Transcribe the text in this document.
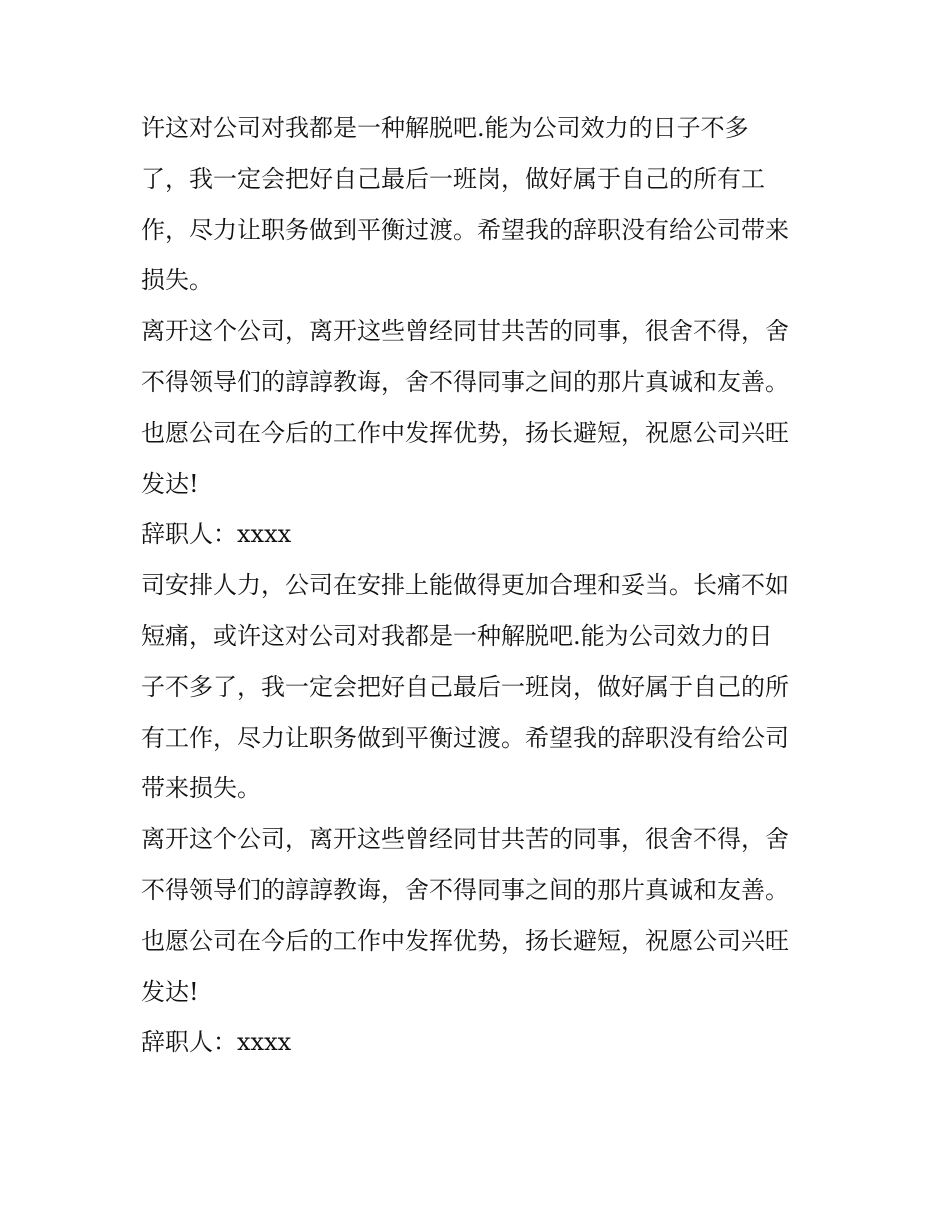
许这对公司对我都是一种解脱吧.能为公司效力的日子不多

了，我一定会把好自己最后一班岗，做好属于自己的所有工

作，尽力让职务做到平衡过渡。希望我的辞职没有给公司带来

损失。

离开这个公司，离开这些曾经同甘共苦的同事，很舍不得，舍

不得领导们的諄諄教诲，舍不得同事之间的那片真诚和友善。

也愿公司在今后的工作中发挥优势，扬长避短，祝愿公司兴旺

发达!

辞职人：xxxx

司安排人力，公司在安排上能做得更加合理和妥当。长痛不如

短痛，或许这对公司对我都是一种解脱吧.能为公司效力的日

子不多了，我一定会把好自己最后一班岗，做好属于自己的所

有工作，尽力让职务做到平衡过渡。希望我的辞职没有给公司

带来损失。

离开这个公司，离开这些曾经同甘共苦的同事，很舍不得，舍

不得领导们的諄諄教诲，舍不得同事之间的那片真诚和友善。

也愿公司在今后的工作中发挥优势，扬长避短，祝愿公司兴旺

发达!

辞职人：xxxx
